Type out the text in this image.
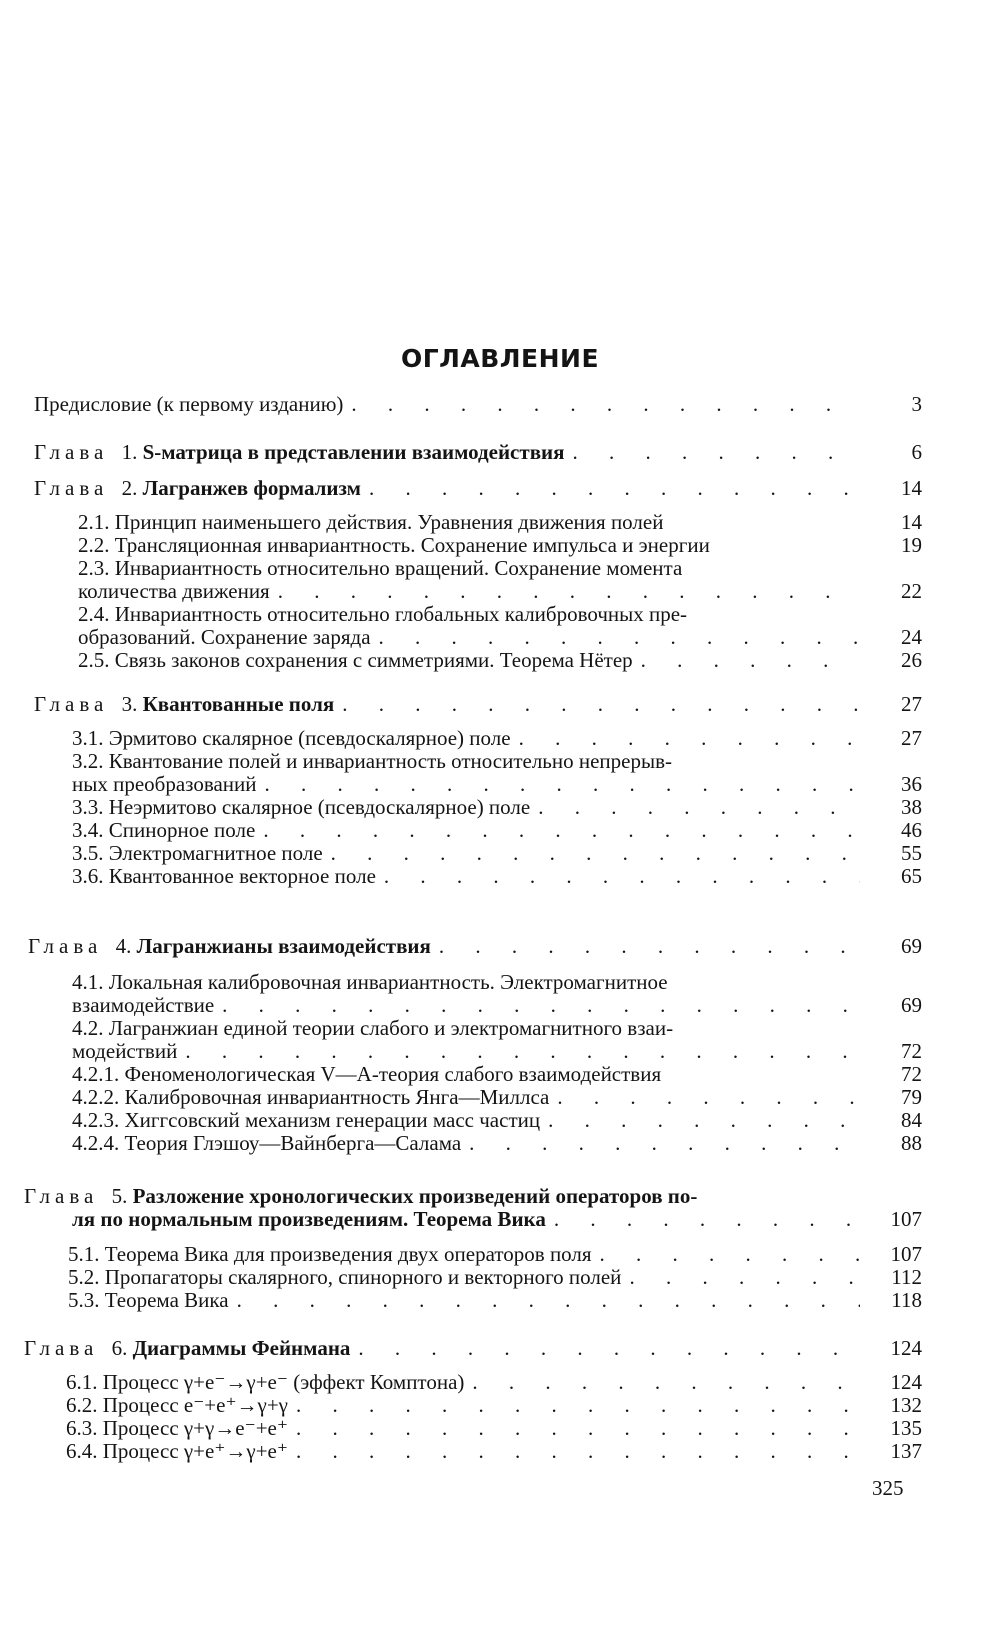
ОГЛАВЛЕНИЕ
Предисловие (к первому изданию) . . .	3
Глава 1. S-матрица в представлении взаимодействия . . .	6
Глава 2. Лагранжев формализм . . .	14
2.1. Принцип наименьшего действия. Уравнения движения полей	14
2.2. Трансляционная инвариантность. Сохранение импульса и энергии	19
2.3. Инвариантность относительно вращений. Сохранение момента
количества движения . . .	22
2.4. Инвариантность относительно глобальных калибровочных пре-
образований. Сохранение заряда . . .	24
2.5. Связь законов сохранения с симметриями. Теорема Нётер . . .	26
Глава 3. Квантованные поля . . .	27
3.1. Эрмитово скалярное (псевдоскалярное) поле . . .	27
3.2. Квантование полей и инвариантность относительно непрерыв-
ных преобразований . . .	36
3.3. Неэрмитово скалярное (псевдоскалярное) поле . . .	38
3.4. Спинорное поле . . .	46
3.5. Электромагнитное поле . . .	55
3.6. Квантованное векторное поле . . .	65
Глава 4. Лагранжианы взаимодействия . . .	69
4.1. Локальная калибровочная инвариантность. Электромагнитное
взаимодействие . . .	69
4.2. Лагранжиан единой теории слабого и электромагнитного взаи-
модействий . . .	72
4.2.1. Феноменологическая V—A-теория слабого взаимодействия	72
4.2.2. Калибровочная инвариантность Янга—Миллса . . .	79
4.2.3. Хиггсовский механизм генерации масс частиц . . .	84
4.2.4. Теория Глэшоу—Вайнберга—Салама . . .	88
Глава 5. Разложение хронологических произведений операторов по-
ля по нормальным произведениям. Теорема Вика . . .	107
5.1. Теорема Вика для произведения двух операторов поля . . .	107
5.2. Пропагаторы скалярного, спинорного и векторного полей . . .	112
5.3. Теорема Вика . . .	118
Глава 6. Диаграммы Фейнмана . . .	124
6.1. Процесс γ+e⁻→γ+e⁻ (эффект Комптона) . . .	124
6.2. Процесс e⁻+e⁺→γ+γ . . .	132
6.3. Процесс γ+γ→e⁻+e⁺ . . .	135
6.4. Процесс γ+e⁺→γ+e⁺ . . .	137
325
